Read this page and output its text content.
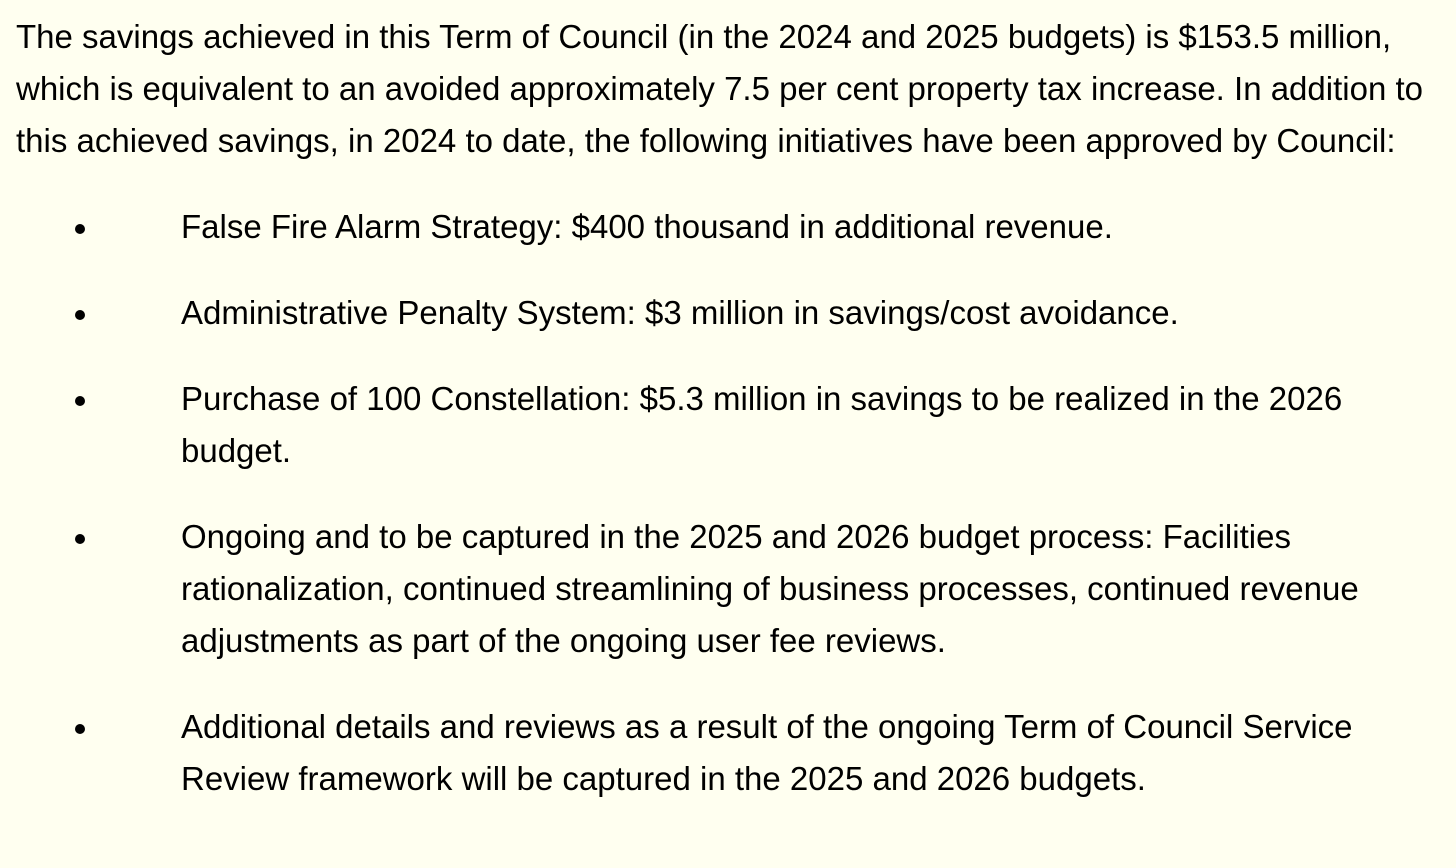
The savings achieved in this Term of Council (in the 2024 and 2025 budgets) is $153.5 million, which is equivalent to an avoided approximately 7.5 per cent property tax increase. In addition to this achieved savings, in 2024 to date, the following initiatives have been approved by Council:

False Fire Alarm Strategy: $400 thousand in additional revenue.
Administrative Penalty System: $3 million in savings/cost avoidance.
Purchase of 100 Constellation: $5.3 million in savings to be realized in the 2026 budget.
Ongoing and to be captured in the 2025 and 2026 budget process: Facilities rationalization, continued streamlining of business processes, continued revenue adjustments as part of the ongoing user fee reviews.
Additional details and reviews as a result of the ongoing Term of Council Service Review framework will be captured in the 2025 and 2026 budgets.
